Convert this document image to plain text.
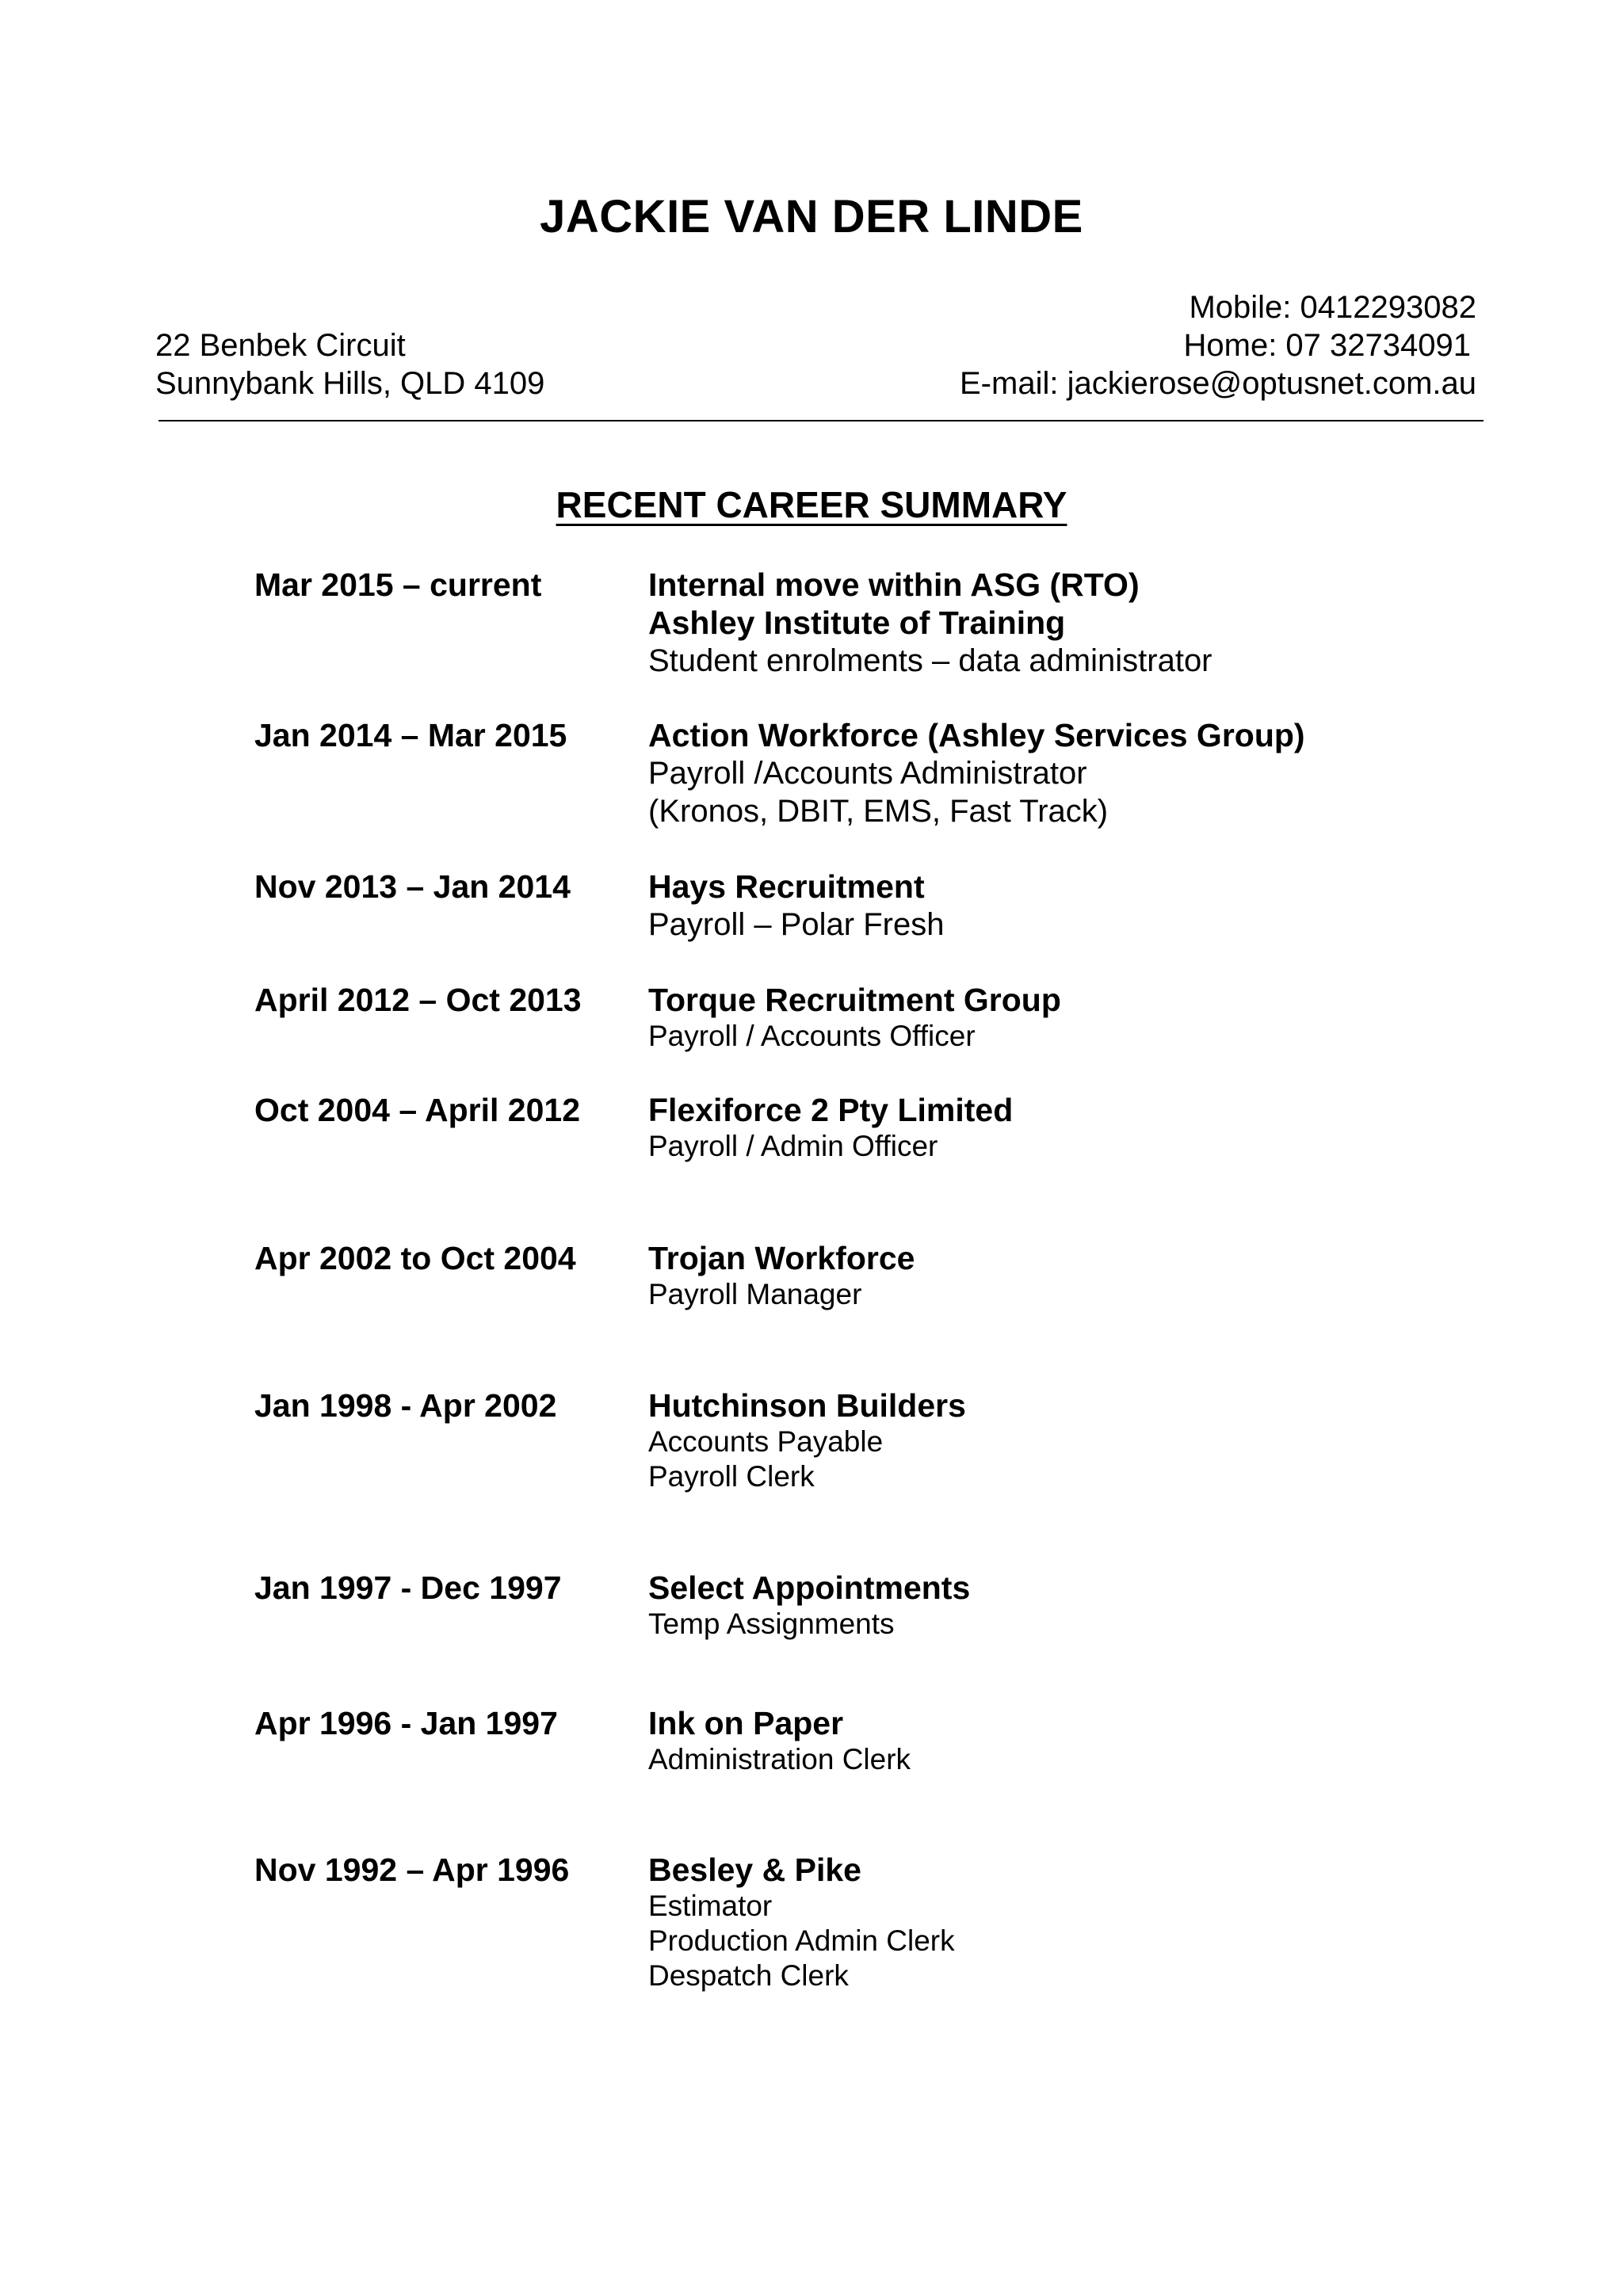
JACKIE VAN DER LINDE
Mobile: 0412293082
22 Benbek Circuit	Home: 07 32734091
Sunnybank Hills, QLD 4109	E-mail: jackierose@optusnet.com.au
RECENT CAREER SUMMARY
Mar 2015 – current	Internal move within ASG (RTO)
Ashley Institute of Training
Student enrolments – data administrator
Jan 2014 – Mar 2015	Action Workforce (Ashley Services Group)
Payroll /Accounts Administrator
(Kronos, DBIT, EMS, Fast Track)
Nov 2013 – Jan 2014 Hays Recruitment
Payroll – Polar Fresh
April 2012 – Oct 2013 Torque Recruitment Group
Payroll / Accounts Officer
Oct 2004 – April 2012 Flexiforce 2 Pty Limited
Payroll / Admin Officer
Apr 2002 to Oct 2004 Trojan Workforce
Payroll Manager
Jan 1998 - Apr 2002	Hutchinson Builders
Accounts Payable
Payroll Clerk
Jan 1997 - Dec 1997	Select Appointments
Temp Assignments
Apr 1996 - Jan 1997	Ink on Paper
Administration Clerk
Nov 1992 – Apr 1996 Besley & Pike
Estimator
Production Admin Clerk
Despatch Clerk
